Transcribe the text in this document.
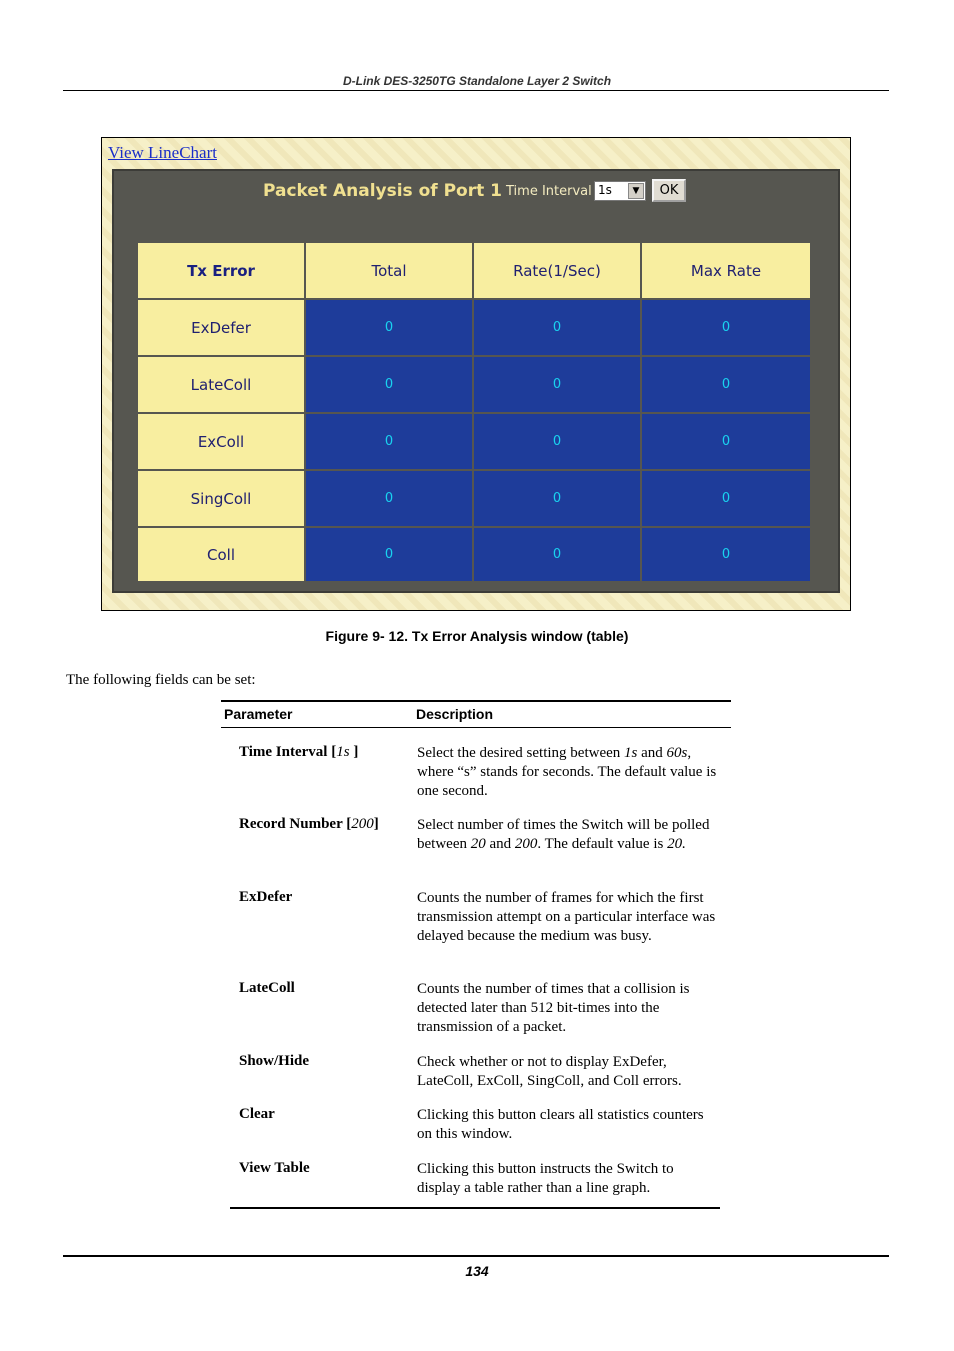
D-Link DES-3250TG Standalone Layer 2 Switch
View LineChart
Packet Analysis of Port 1 Time Interval 1s	▼	OK
Tx Error	Total	Rate(1/Sec)	Max Rate
ExDefer	0	0	0
LateColl	0	0	0
ExColl	0	0	0
SingColl	0	0	0
Coll	0	0	0
Figure 9- 12. Tx Error Analysis window (table)
The following fields can be set:
Parameter	Description
Time Interval [1s ]	Select the desired setting between 1s and 60s, where “s” stands for seconds. The default value is one second.
Record Number [200]	Select number of times the Switch will be polled between 20 and 200. The default value is 20.
ExDefer	Counts the number of frames for which the first transmission attempt on a particular interface was delayed because the medium was busy.
LateColl	Counts the number of times that a collision is detected later than 512 bit-times into the transmission of a packet.
Show/Hide	Check whether or not to display ExDefer, LateColl, ExColl, SingColl, and Coll errors.
Clear	Clicking this button clears all statistics counters on this window.
View Table	Clicking this button instructs the Switch to display a table rather than a line graph.
134
